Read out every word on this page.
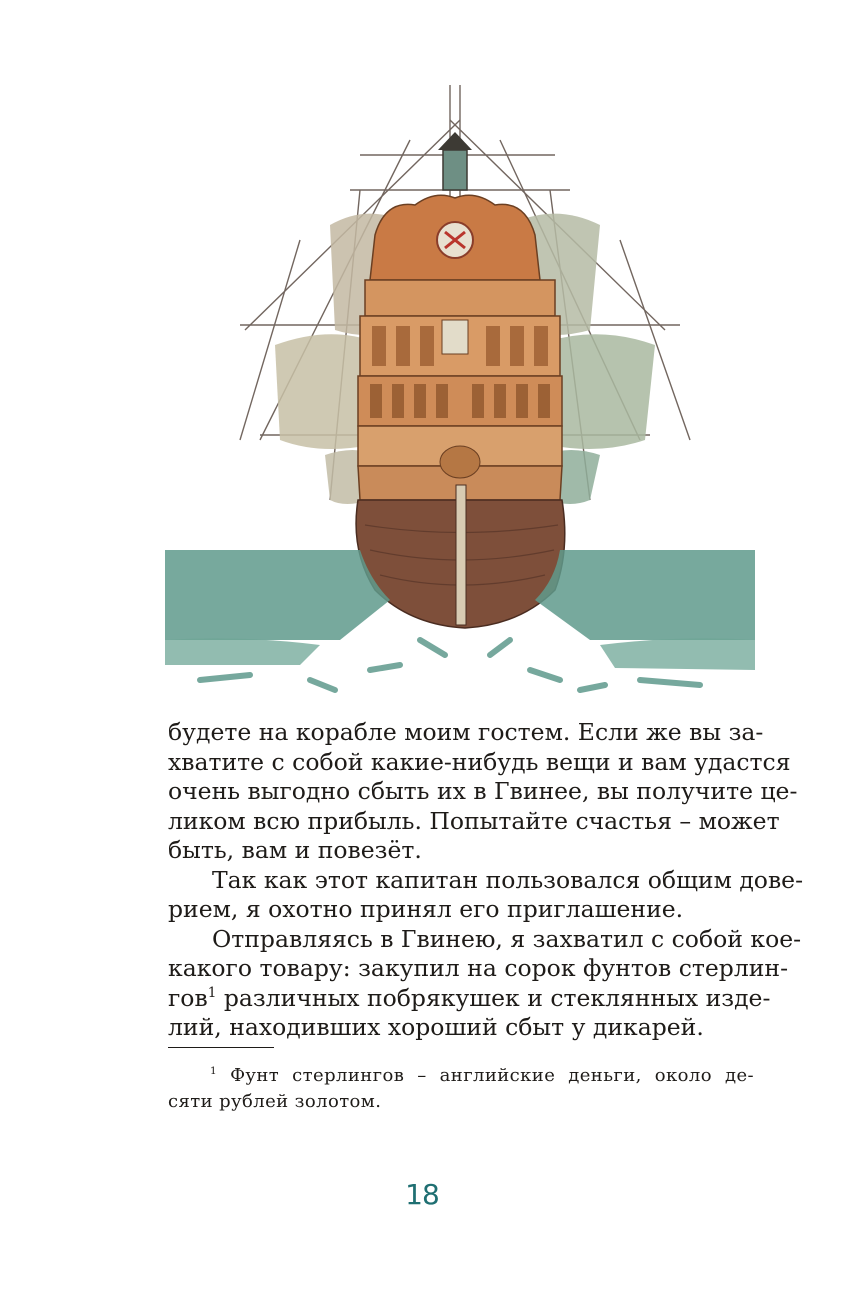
будете на корабле моим гостем. Если же вы за-
хватите с собой какие-нибудь вещи и вам удастся
очень выгодно сбыть их в Гвинее, вы получите це-
ликом всю прибыль. Попытайте счастья – может
быть, вам и повезёт.
Так как этот капитан пользовался общим дове-
рием, я охотно принял его приглашение.
Отправляясь в Гвинею, я захватил с собой кое-
какого товару: закупил на сорок фунтов стерлин-
гов$^1$ различных побрякушек и стеклянных изде-
лий, находивших хороший сбыт у дикарей.
$^1$ Фунт стерлингов – английские деньги, около де-
сяти рублей золотом.
18
